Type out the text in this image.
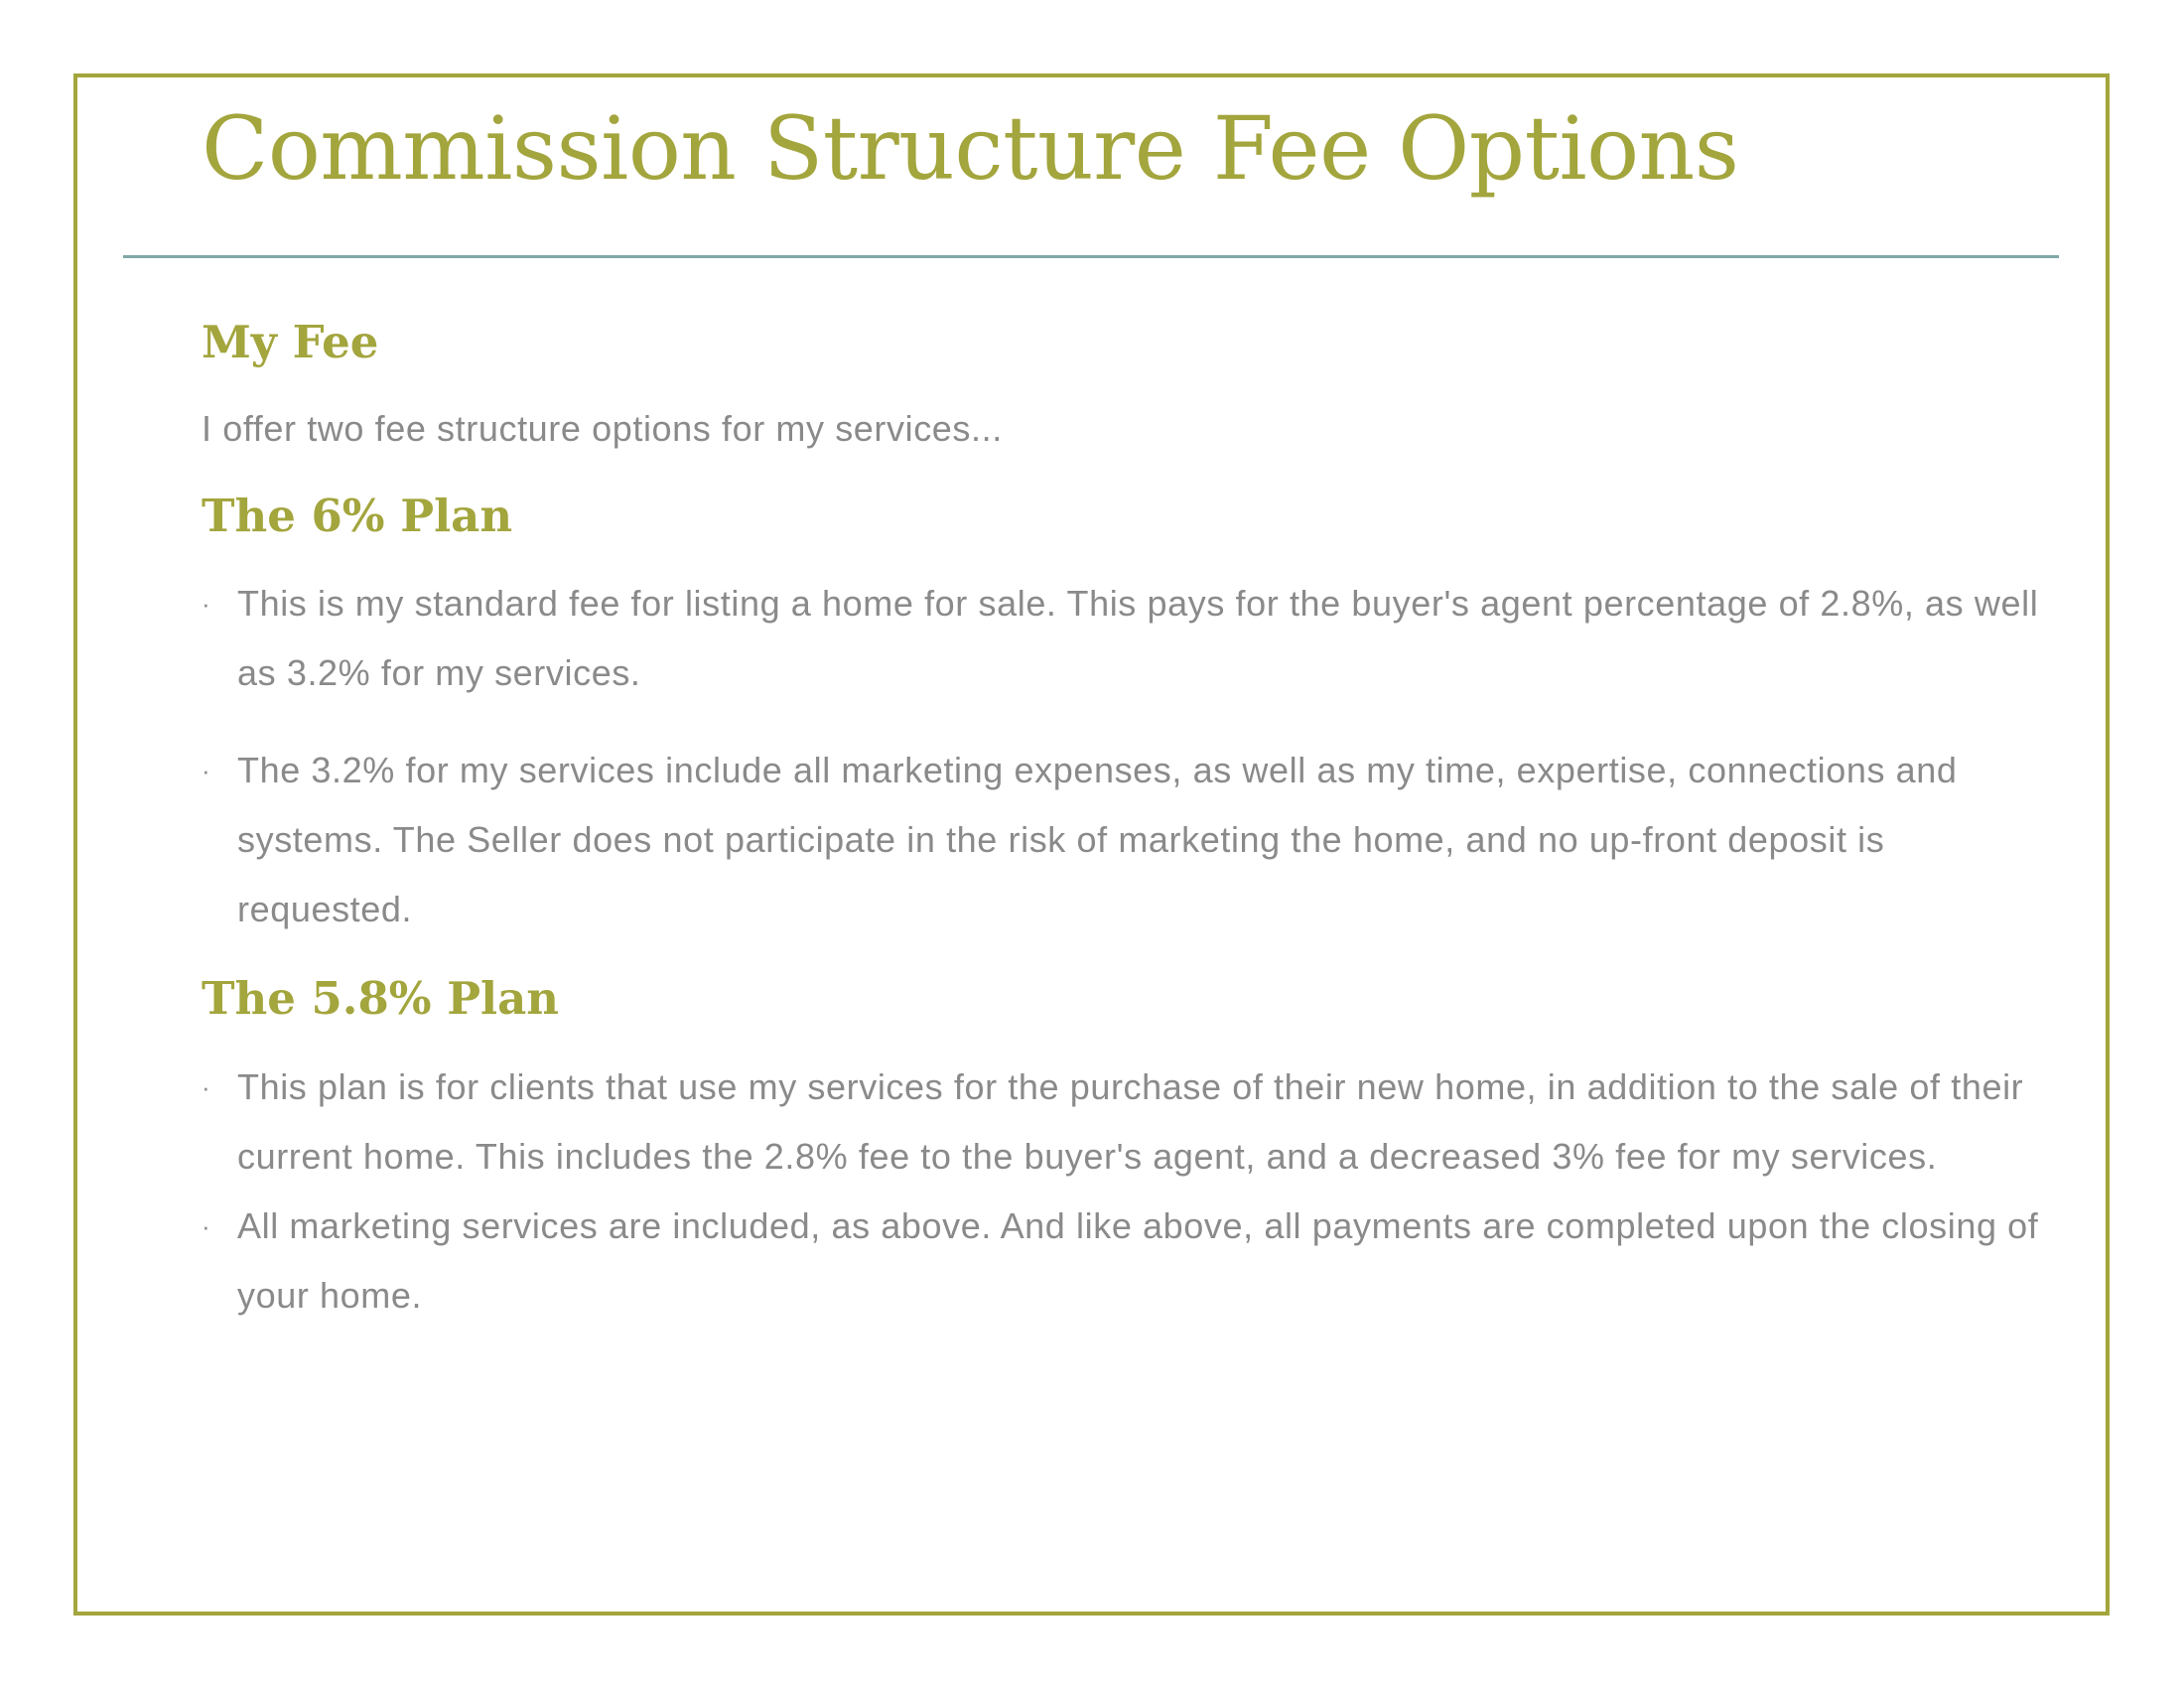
Commission Structure Fee Options
My Fee

I offer two fee structure options for my services...

The 6% Plan
· This is my standard fee for listing a home for sale. This pays for the buyer's agent percentage of 2.8%, as well as 3.2% for my services.
· The 3.2% for my services include all marketing expenses, as well as my time, expertise, connections and systems. The Seller does not participate in the risk of marketing the home, and no up-front deposit is requested.
The 5.8% Plan
· This plan is for clients that use my services for the purchase of their new home, in addition to the sale of their current home. This includes the 2.8% fee to the buyer's agent, and a decreased 3% fee for my services.
· All marketing services are included, as above. And like above, all payments are completed upon the closing of your home.
